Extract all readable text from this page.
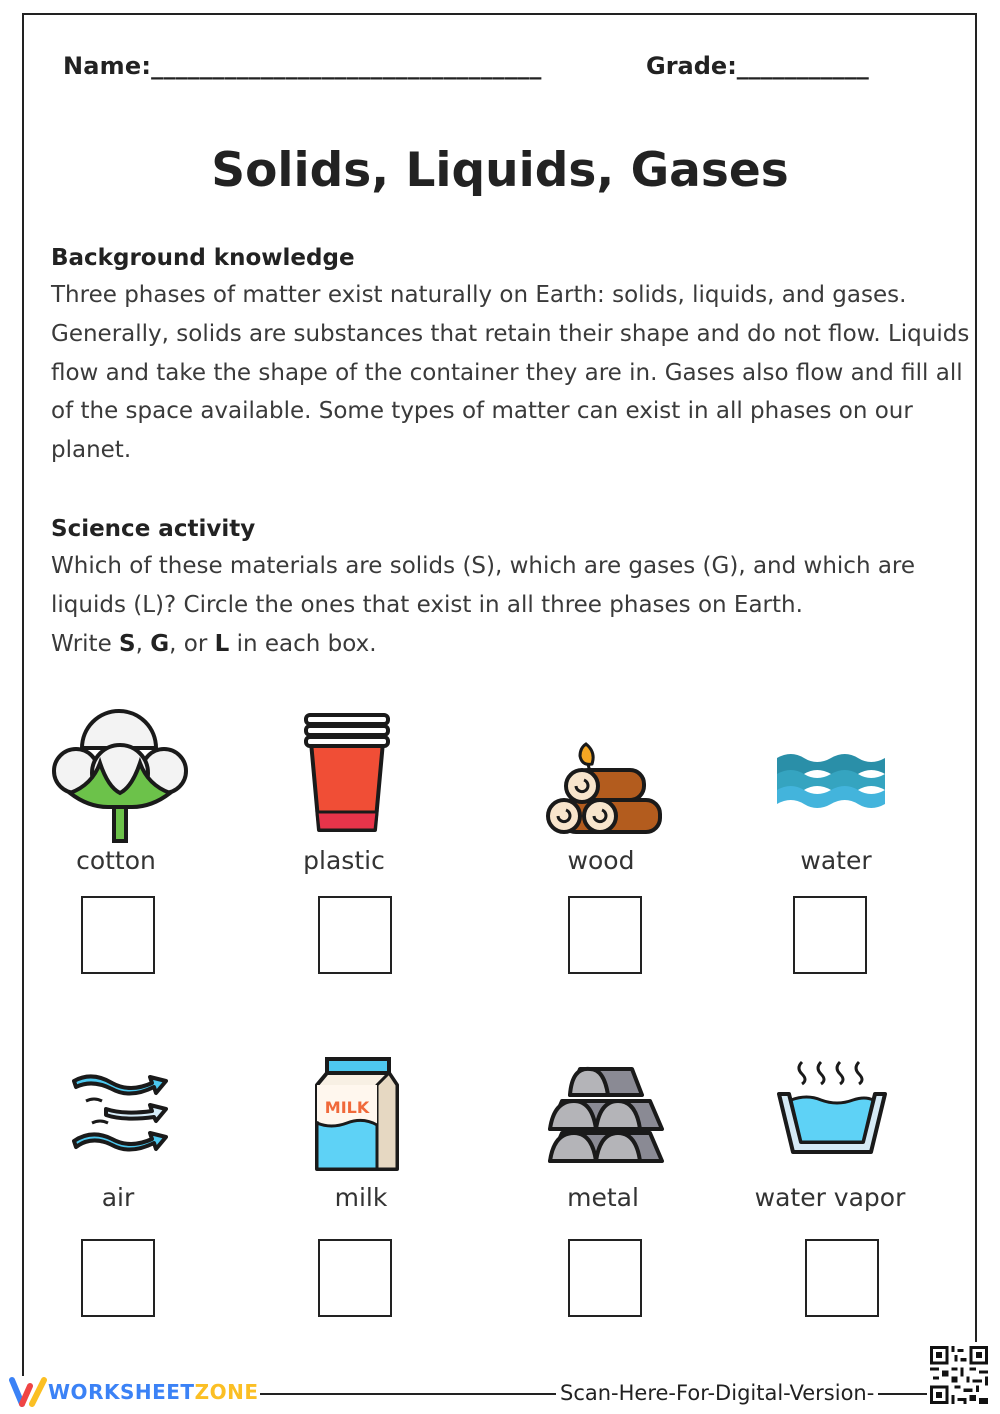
Name:________________________________	Grade:___________
Solids, Liquids, Gases
Background knowledge

Three phases of matter exist naturally on Earth: solids, liquids, and gases. Generally, solids are substances that retain their shape and do not flow. Liquids flow and take the shape of the container they are in. Gases also flow and fill all of the space available. Some types of matter can exist in all phases on our planet.

Science activity

Which of these materials are solids (S), which are gases (G), and which are liquids (L)? Circle the ones that exist in all three phases on Earth.
Write S, G, or L in each box.

cotton	plastic	wood	water
MILK
air	milk	metal	water vapor
WORKSHEETZONE	Scan-Here-For-Digital-Version-
